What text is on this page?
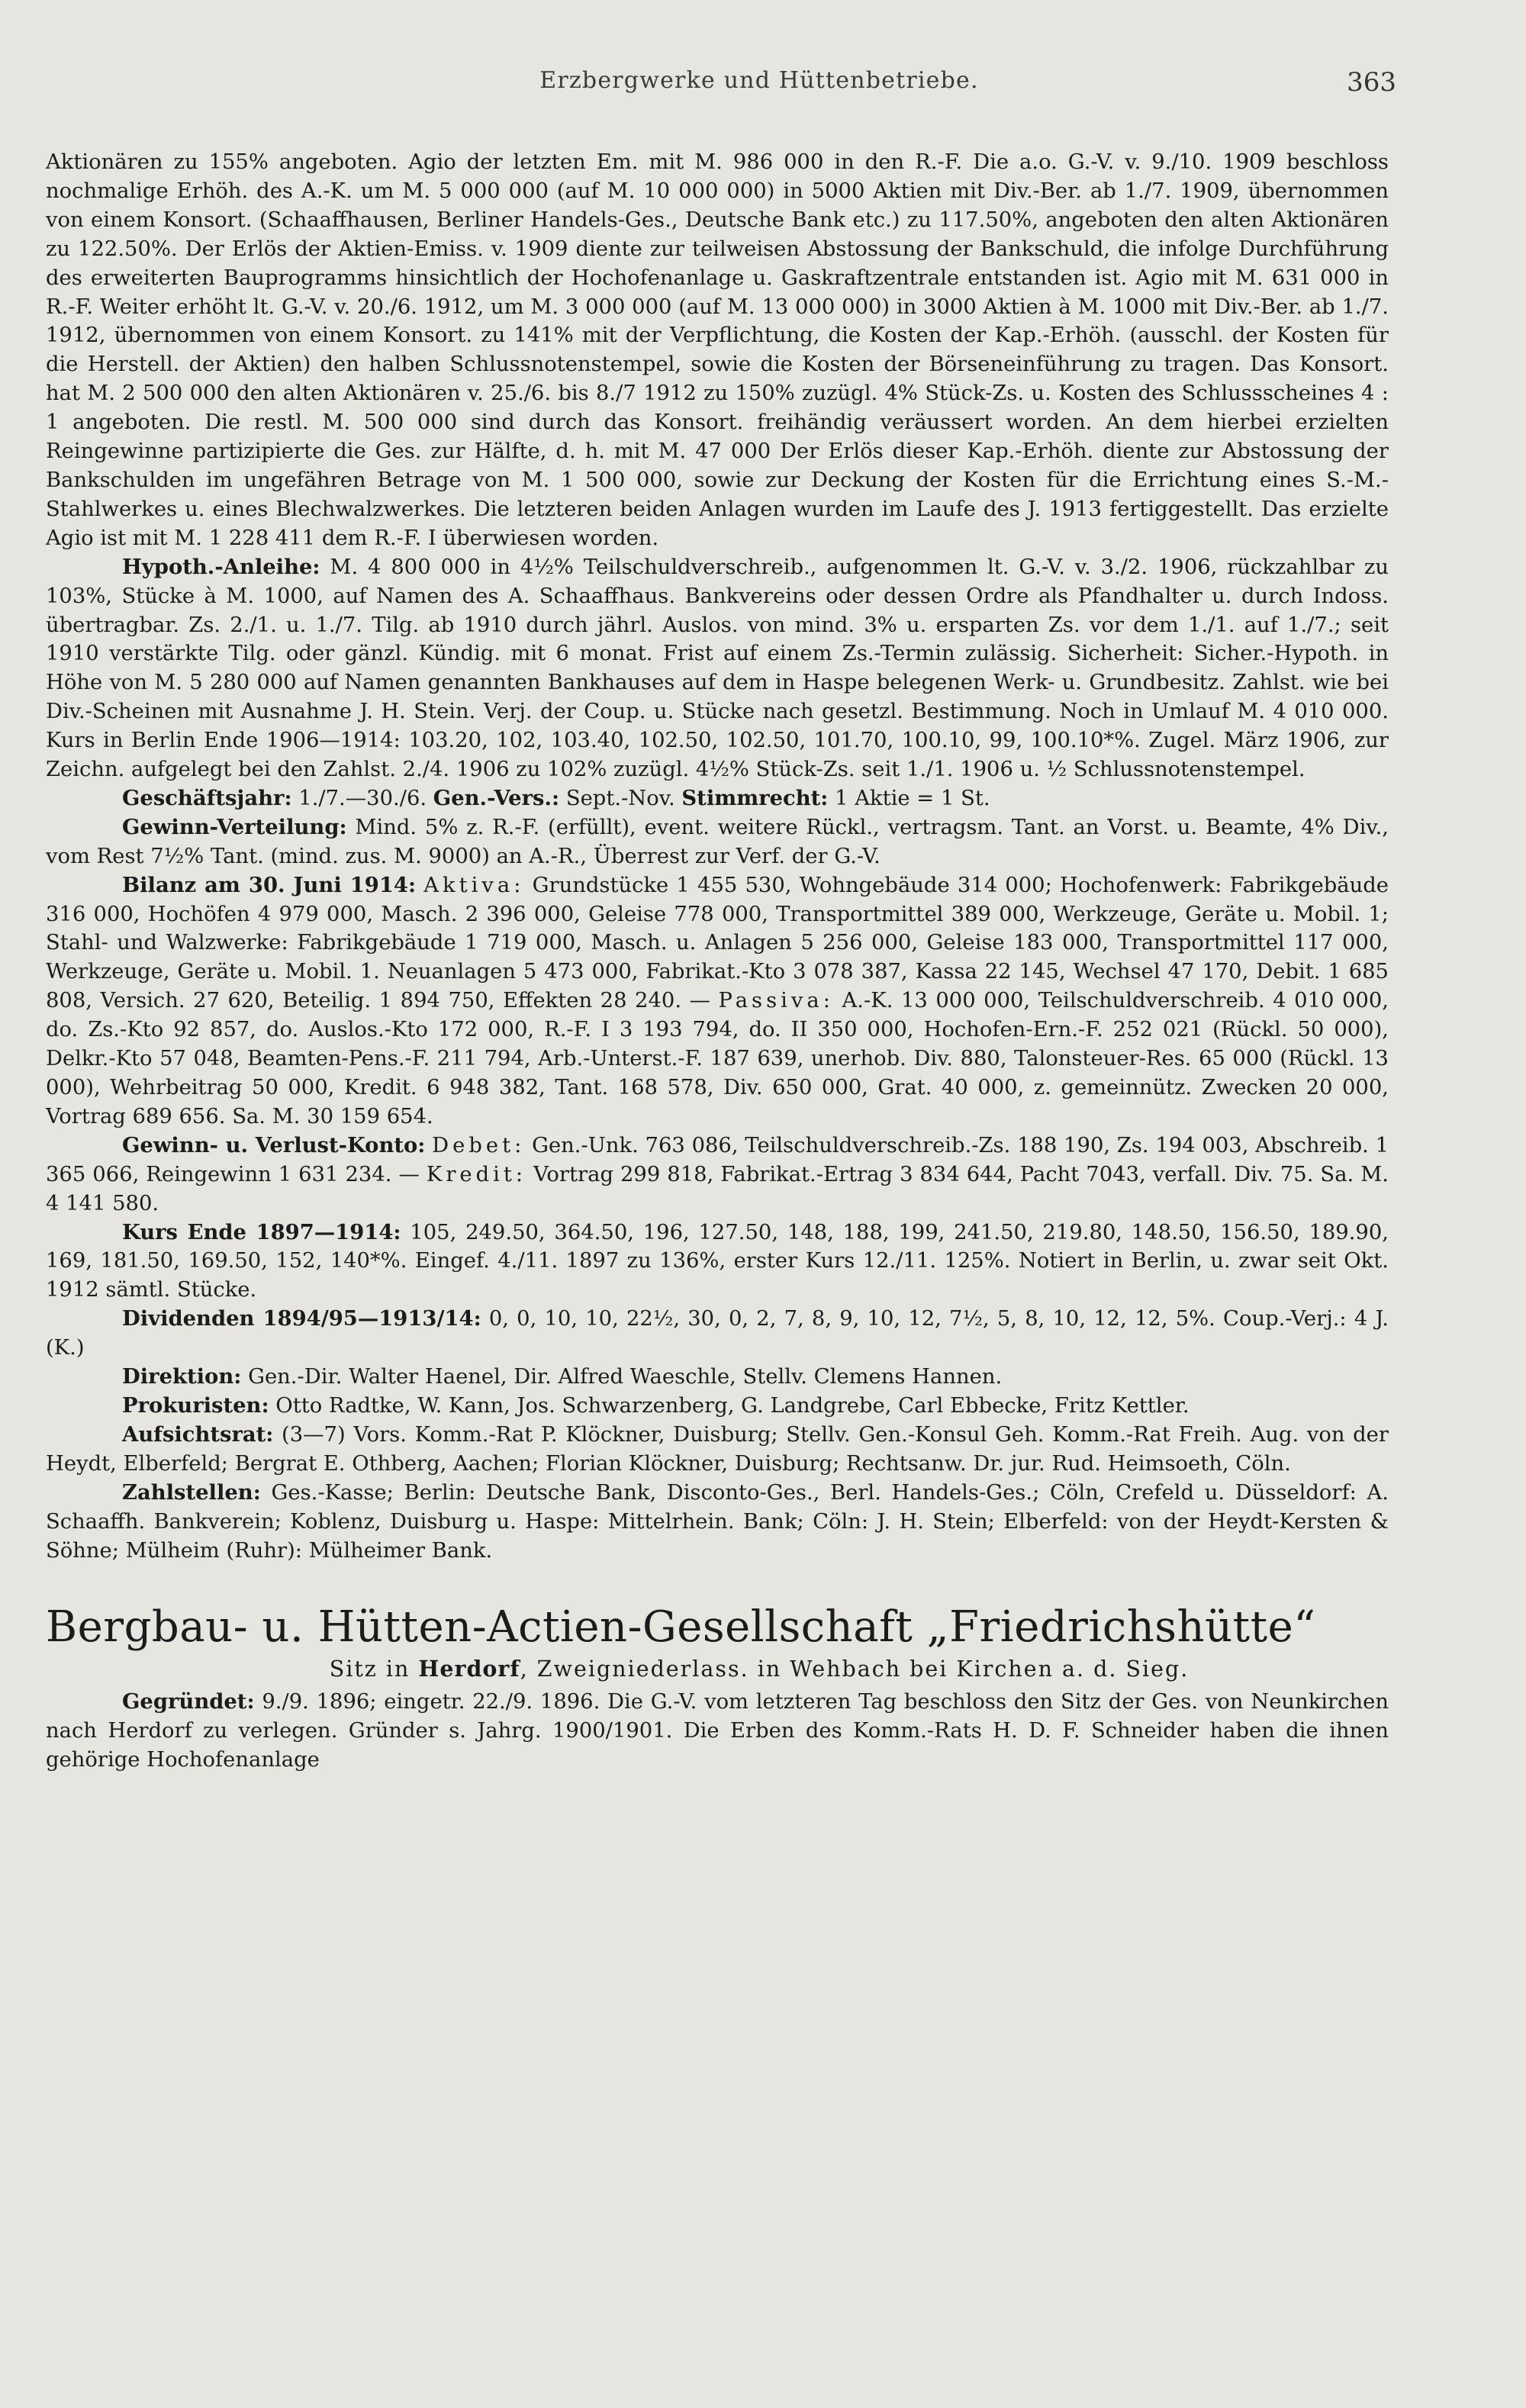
Erzbergwerke und Hüttenbetriebe.	363

Aktionären zu 155% angeboten. Agio der letzten Em. mit M. 986 000 in den R.-F. Die a.o. G.-V. v. 9./10. 1909 beschloss nochmalige Erhöh. des A.-K. um M. 5 000 000 (auf M. 10 000 000) in 5000 Aktien mit Div.-Ber. ab 1./7. 1909, übernommen von einem Konsort. (Schaaffhausen, Berliner Handels-Ges., Deutsche Bank etc.) zu 117.50%, angeboten den alten Aktionären zu 122.50%. Der Erlös der Aktien-Emiss. v. 1909 diente zur teilweisen Abstossung der Bankschuld, die infolge Durchführung des erweiterten Bauprogramms hinsichtlich der Hochofenanlage u. Gaskraftzentrale entstanden ist. Agio mit M. 631 000 in R.-F. Weiter erhöht lt. G.-V. v. 20./6. 1912, um M. 3 000 000 (auf M. 13 000 000) in 3000 Aktien à M. 1000 mit Div.-Ber. ab 1./7. 1912, übernommen von einem Konsort. zu 141% mit der Verpflichtung, die Kosten der Kap.-Erhöh. (ausschl. der Kosten für die Herstell. der Aktien) den halben Schlussnotenstempel, sowie die Kosten der Börseneinführung zu tragen. Das Konsort. hat M. 2 500 000 den alten Aktionären v. 25./6. bis 8./7 1912 zu 150% zuzügl. 4% Stück-Zs. u. Kosten des Schlussscheines 4 : 1 angeboten. Die restl. M. 500 000 sind durch das Konsort. freihändig veräussert worden. An dem hierbei erzielten Reingewinne partizipierte die Ges. zur Hälfte, d. h. mit M. 47 000 Der Erlös dieser Kap.-Erhöh. diente zur Abstossung der Bankschulden im ungefähren Betrage von M. 1 500 000, sowie zur Deckung der Kosten für die Errichtung eines S.-M.-Stahlwerkes u. eines Blechwalzwerkes. Die letzteren beiden Anlagen wurden im Laufe des J. 1913 fertiggestellt. Das erzielte Agio ist mit M. 1 228 411 dem R.-F. I überwiesen worden.

Hypoth.-Anleihe: M. 4 800 000 in 4½% Teilschuldverschreib., aufgenommen lt. G.-V. v. 3./2. 1906, rückzahlbar zu 103%, Stücke à M. 1000, auf Namen des A. Schaaffhaus. Bankvereins oder dessen Ordre als Pfandhalter u. durch Indoss. übertragbar. Zs. 2./1. u. 1./7. Tilg. ab 1910 durch jährl. Auslos. von mind. 3% u. ersparten Zs. vor dem 1./1. auf 1./7.; seit 1910 verstärkte Tilg. oder gänzl. Kündig. mit 6 monat. Frist auf einem Zs.-Termin zulässig. Sicherheit: Sicher.-Hypoth. in Höhe von M. 5 280 000 auf Namen genannten Bankhauses auf dem in Haspe belegenen Werk- u. Grundbesitz. Zahlst. wie bei Div.-Scheinen mit Ausnahme J. H. Stein. Verj. der Coup. u. Stücke nach gesetzl. Bestimmung. Noch in Umlauf M. 4 010 000. Kurs in Berlin Ende 1906—1914: 103.20, 102, 103.40, 102.50, 102.50, 101.70, 100.10, 99, 100.10*%. Zugel. März 1906, zur Zeichn. aufgelegt bei den Zahlst. 2./4. 1906 zu 102% zuzügl. 4½% Stück-Zs. seit 1./1. 1906 u. ½ Schlussnotenstempel.

Geschäftsjahr: 1./7.—30./6. Gen.-Vers.: Sept.-Nov. Stimmrecht: 1 Aktie = 1 St.

Gewinn-Verteilung: Mind. 5% z. R.-F. (erfüllt), event. weitere Rückl., vertragsm. Tant. an Vorst. u. Beamte, 4% Div., vom Rest 7½% Tant. (mind. zus. M. 9000) an A.-R., Überrest zur Verf. der G.-V.

Bilanz am 30. Juni 1914: Aktiva: Grundstücke 1 455 530, Wohngebäude 314 000; Hochofenwerk: Fabrikgebäude 316 000, Hochöfen 4 979 000, Masch. 2 396 000, Geleise 778 000, Transportmittel 389 000, Werkzeuge, Geräte u. Mobil. 1; Stahl- und Walzwerke: Fabrikgebäude 1 719 000, Masch. u. Anlagen 5 256 000, Geleise 183 000, Transportmittel 117 000, Werkzeuge, Geräte u. Mobil. 1. Neuanlagen 5 473 000, Fabrikat.-Kto 3 078 387, Kassa 22 145, Wechsel 47 170, Debit. 1 685 808, Versich. 27 620, Beteilig. 1 894 750, Effekten 28 240. — Passiva: A.-K. 13 000 000, Teilschuldverschreib. 4 010 000, do. Zs.-Kto 92 857, do. Auslos.-Kto 172 000, R.-F. I 3 193 794, do. II 350 000, Hochofen-Ern.-F. 252 021 (Rückl. 50 000), Delkr.-Kto 57 048, Beamten-Pens.-F. 211 794, Arb.-Unterst.-F. 187 639, unerhob. Div. 880, Talonsteuer-Res. 65 000 (Rückl. 13 000), Wehrbeitrag 50 000, Kredit. 6 948 382, Tant. 168 578, Div. 650 000, Grat. 40 000, z. gemeinnütz. Zwecken 20 000, Vortrag 689 656. Sa. M. 30 159 654.

Gewinn- u. Verlust-Konto: Debet: Gen.-Unk. 763 086, Teilschuldverschreib.-Zs. 188 190, Zs. 194 003, Abschreib. 1 365 066, Reingewinn 1 631 234. — Kredit: Vortrag 299 818, Fabrikat.-Ertrag 3 834 644, Pacht 7043, verfall. Div. 75. Sa. M. 4 141 580.

Kurs Ende 1897—1914: 105, 249.50, 364.50, 196, 127.50, 148, 188, 199, 241.50, 219.80, 148.50, 156.50, 189.90, 169, 181.50, 169.50, 152, 140*%. Eingef. 4./11. 1897 zu 136%, erster Kurs 12./11. 125%. Notiert in Berlin, u. zwar seit Okt. 1912 sämtl. Stücke.

Dividenden 1894/95—1913/14: 0, 0, 10, 10, 22½, 30, 0, 2, 7, 8, 9, 10, 12, 7½, 5, 8, 10, 12, 12, 5%. Coup.-Verj.: 4 J. (K.)

Direktion: Gen.-Dir. Walter Haenel, Dir. Alfred Waeschle, Stellv. Clemens Hannen.

Prokuristen: Otto Radtke, W. Kann, Jos. Schwarzenberg, G. Landgrebe, Carl Ebbecke, Fritz Kettler.

Aufsichtsrat: (3—7) Vors. Komm.-Rat P. Klöckner, Duisburg; Stellv. Gen.-Konsul Geh. Komm.-Rat Freih. Aug. von der Heydt, Elberfeld; Bergrat E. Othberg, Aachen; Florian Klöckner, Duisburg; Rechtsanw. Dr. jur. Rud. Heimsoeth, Cöln.

Zahlstellen: Ges.-Kasse; Berlin: Deutsche Bank, Disconto-Ges., Berl. Handels-Ges.; Cöln, Crefeld u. Düsseldorf: A. Schaaffh. Bankverein; Koblenz, Duisburg u. Haspe: Mittelrhein. Bank; Cöln: J. H. Stein; Elberfeld: von der Heydt-Kersten & Söhne; Mülheim (Ruhr): Mülheimer Bank.

Bergbau- u. Hütten-Actien-Gesellschaft „Friedrichshütte“
Sitz in Herdorf, Zweigniederlass. in Wehbach bei Kirchen a. d. Sieg.

Gegründet: 9./9. 1896; eingetr. 22./9. 1896. Die G.-V. vom letzteren Tag beschloss den Sitz der Ges. von Neunkirchen nach Herdorf zu verlegen. Gründer s. Jahrg. 1900/1901. Die Erben des Komm.-Rats H. D. F. Schneider haben die ihnen gehörige Hochofenanlage
